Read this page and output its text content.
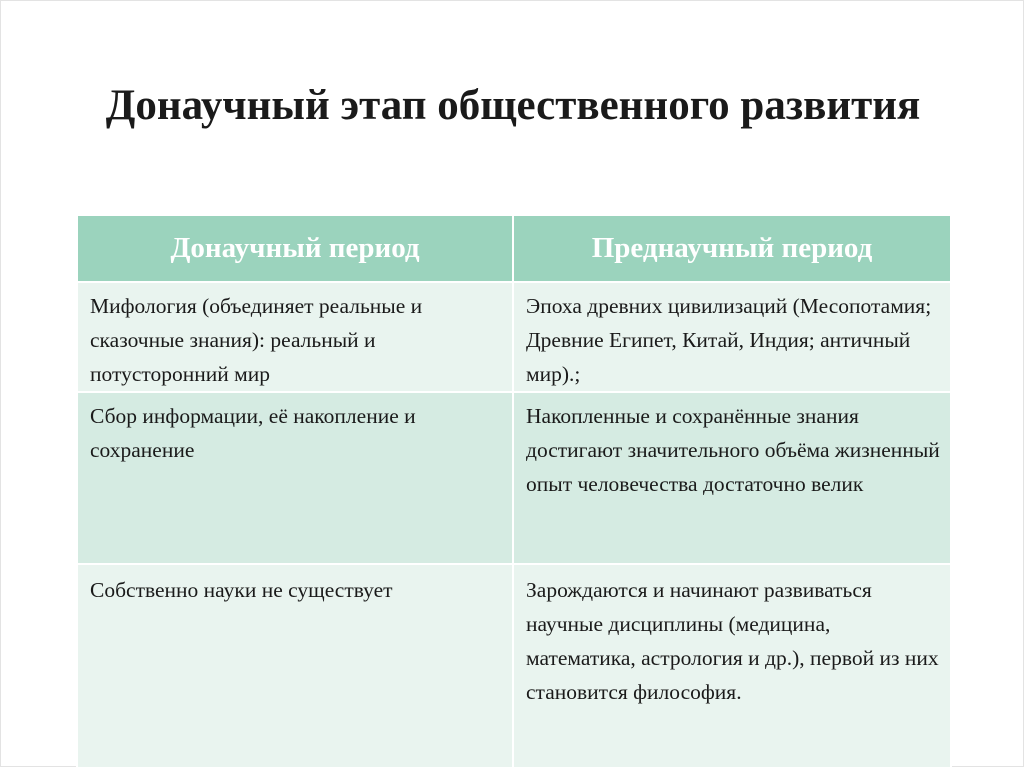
Донаучный этап общественного развития
Донаучный период	Преднаучный период
Мифология (объединяет реальные и сказочные знания): реальный и потусторонний мир	Эпоха древних цивилизаций (Месопотамия; Древние Египет, Китай, Индия; античный мир).;
Сбор информации, её накопление и сохранение	Накопленные и сохранённые знания достигают значительного объёма жизненный опыт человечества достаточно велик
Собственно науки не существует	Зарождаются и начинают развиваться научные дисциплины (медицина, математика, астрология и др.), первой из них становится философия.
